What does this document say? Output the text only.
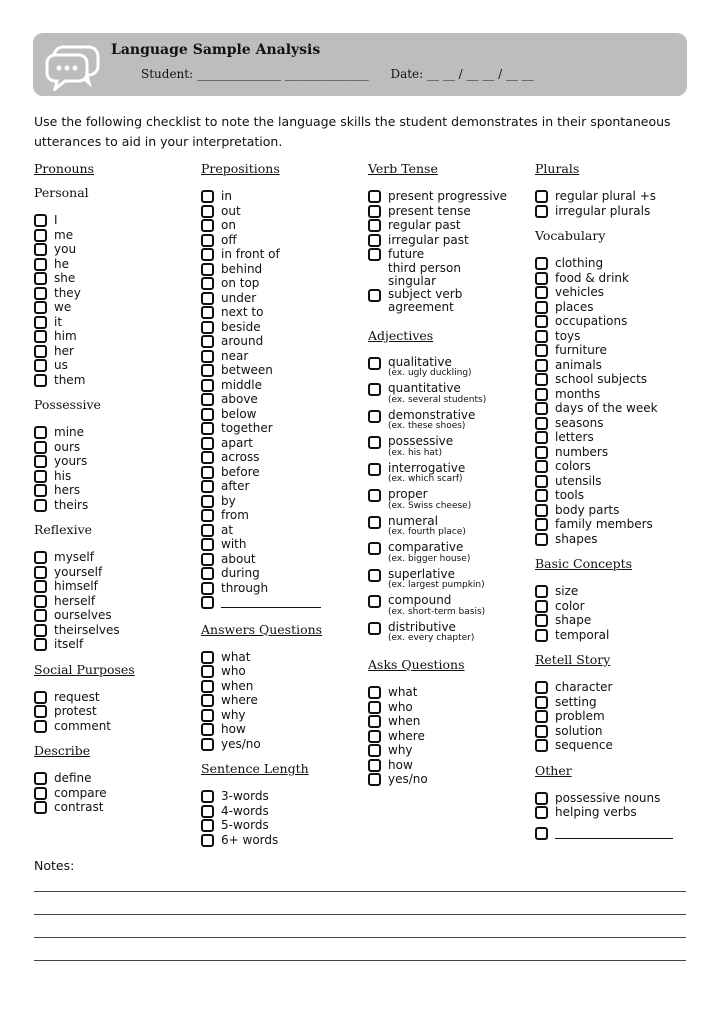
Language Sample Analysis
Student: ______________ ______________ Date: __ __ / __ __ / __ __
Use the following checklist to note the language skills the student demonstrates in their spontaneous utterances to aid in your interpretation.
Pronouns
Personal
I
me
you
he
she
they
we
it
him
her
us
them
Possessive
mine
ours
yours
his
hers
theirs
Reflexive
myself
yourself
himself
herself
ourselves
theirselves
itself
Social Purposes
request
protest
comment
Describe
define
compare
contrast
Prepositions
in
out
on
off
in front of
behind
on top
under
next to
beside
around
near
between
middle
above
below
together
apart
across
before
after
by
from
at
with
about
during
through
Answers Questions
what
who
when
where
why
how
yes/no
Sentence Length
3-words
4-words
5-words
6+ words
Verb Tense
present progressive
present tense
regular past
irregular past
future
third person
singular
subject verb
agreement
Adjectives
qualitative
(ex. ugly duckling)
quantitative
(ex. several students)
demonstrative
(ex. these shoes)
possessive
(ex. his hat)
interrogative
(ex. which scarf)
proper
(ex. Swiss cheese)
numeral
(ex. fourth place)
comparative
(ex. bigger house)
superlative
(ex. largest pumpkin)
compound
(ex. short-term basis)
distributive
(ex. every chapter)
Asks Questions
what
who
when
where
why
how
yes/no
Plurals
regular plural +s
irregular plurals
Vocabulary
clothing
food & drink
vehicles
places
occupations
toys
furniture
animals
school subjects
months
days of the week
seasons
letters
numbers
colors
utensils
tools
body parts
family members
shapes
Basic Concepts
size
color
shape
temporal
Retell Story
character
setting
problem
solution
sequence
Other
possessive nouns
helping verbs
Notes:
